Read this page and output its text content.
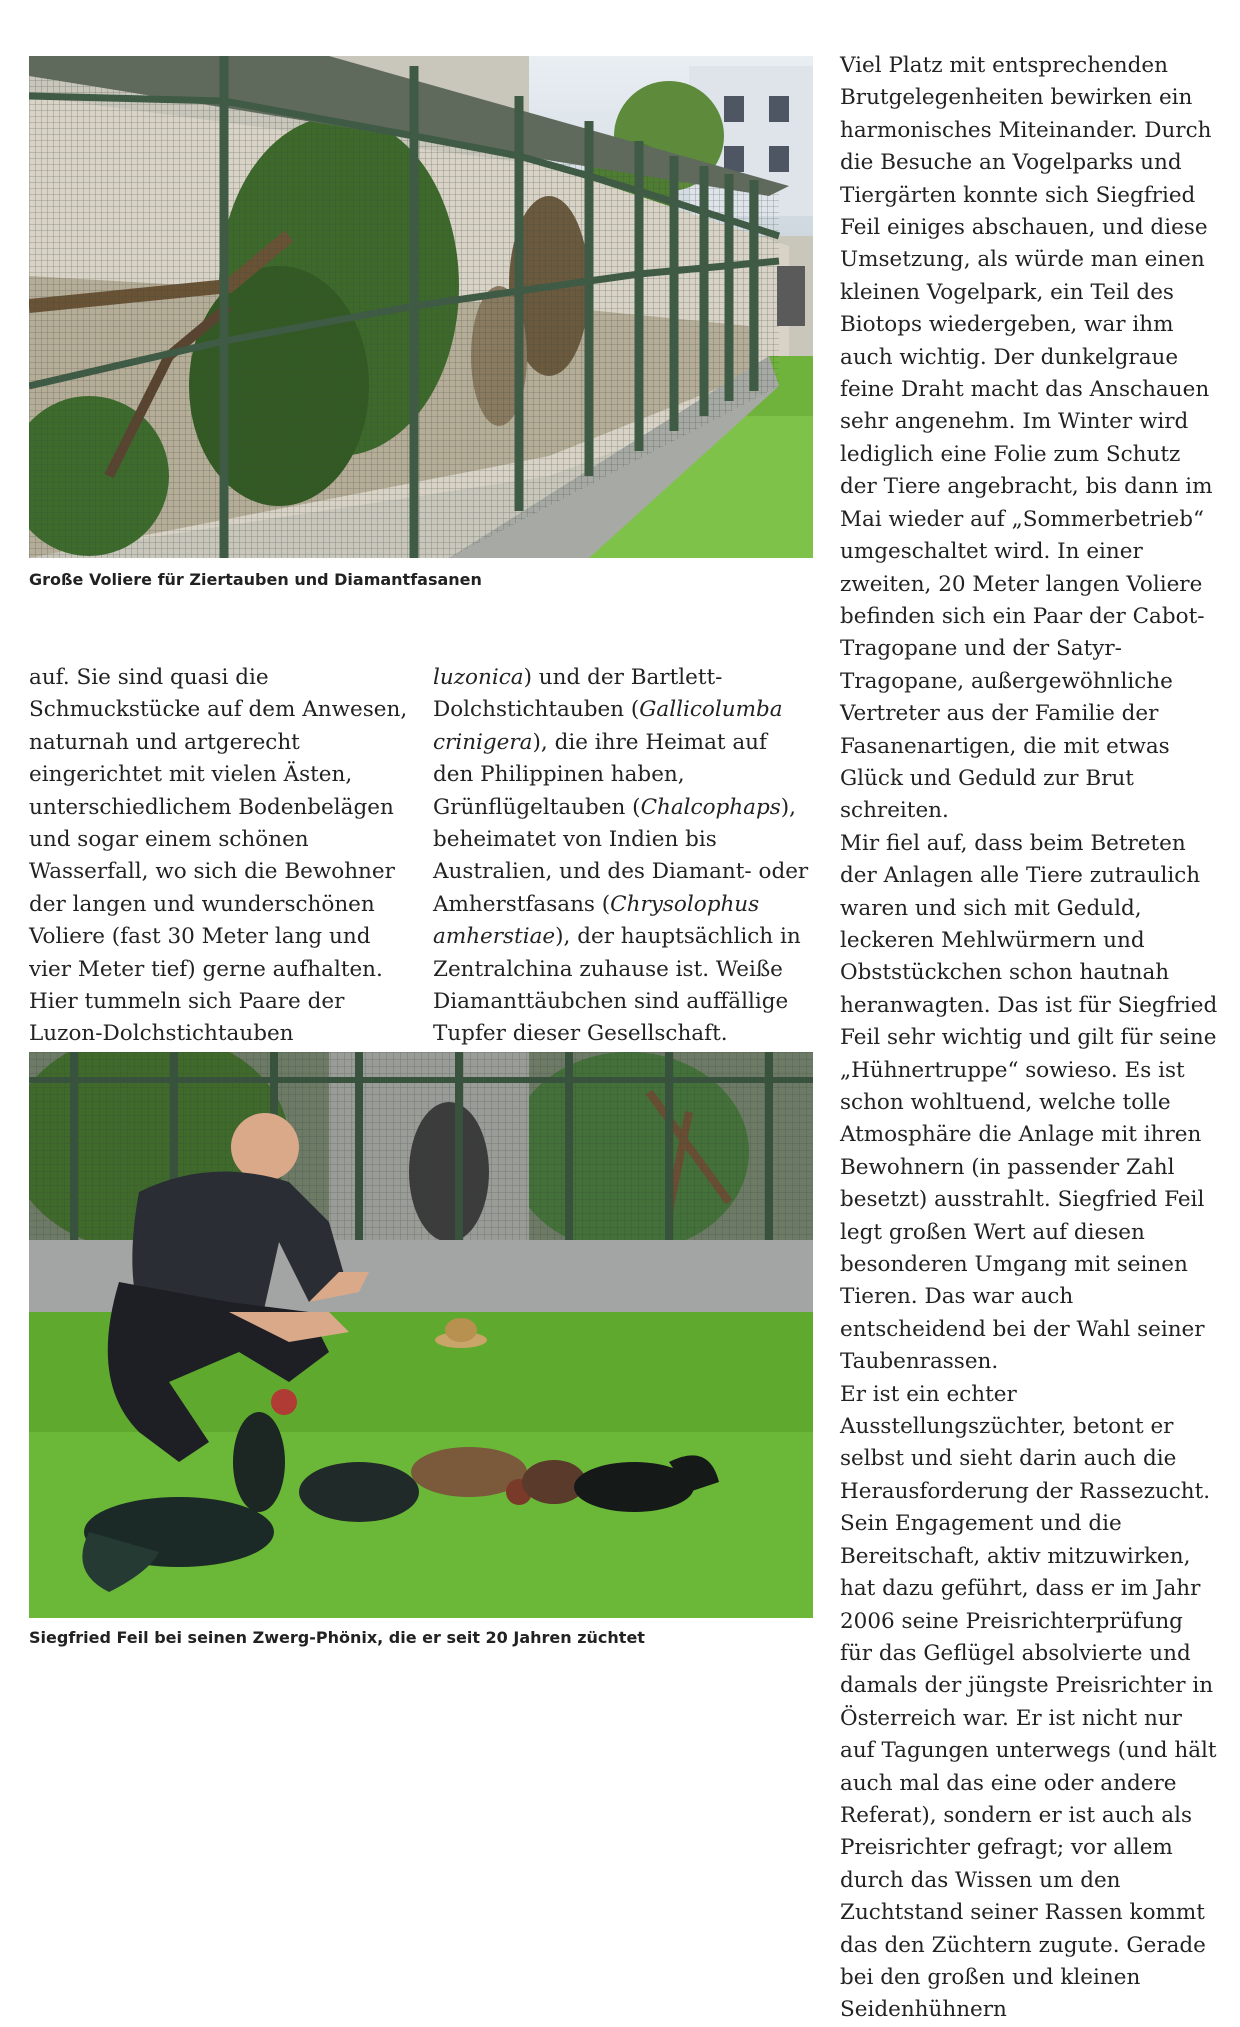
Große Voliere für Ziertauben und Diamantfasanen

auf. Sie sind quasi die Schmuckstücke auf dem Anwesen, naturnah und artgerecht eingerichtet mit vielen Ästen, unterschiedlichem Bodenbelägen und sogar einem schönen Wasserfall, wo sich die Bewohner der langen und wunderschönen Voliere (fast 30 Meter lang und vier Meter tief) gerne aufhalten. Hier tummeln sich Paare der Luzon-Dolchstichtauben

luzonica) und der Bartlett-Dolchstichtauben (Gallicolumba crinigera), die ihre Heimat auf den Philippinen haben, Grünflügeltauben (Chalcophaps), beheimatet von Indien bis Australien, und des Diamant- oder Amherstfasans (Chrysolophus amherstiae), der hauptsächlich in Zentralchina zuhause ist. Weiße Diamanttäubchen sind auffällige Tupfer dieser Gesellschaft.

Siegfried Feil bei seinen Zwerg-Phönix, die er seit 20 Jahren züchtet

Viel Platz mit entsprechenden Brutgelegenheiten bewirken ein harmonisches Miteinander. Durch die Besuche an Vogelparks und Tiergärten konnte sich Siegfried Feil einiges abschauen, und diese Umsetzung, als würde man einen kleinen Vogelpark, ein Teil des Biotops wiedergeben, war ihm auch wichtig. Der dunkelgraue feine Draht macht das Anschauen sehr angenehm. Im Winter wird lediglich eine Folie zum Schutz der Tiere angebracht, bis dann im Mai wieder auf „Sommerbetrieb“ umgeschaltet wird. In einer zweiten, 20 Meter langen Voliere befinden sich ein Paar der Cabot-Tragopane und der Satyr-Tragopane, außergewöhnliche Vertreter aus der Familie der Fasanenartigen, die mit etwas Glück und Geduld zur Brut schreiten.

Mir fiel auf, dass beim Betreten der Anlagen alle Tiere zutraulich waren und sich mit Geduld, leckeren Mehlwürmern und Obststückchen schon hautnah heranwagten. Das ist für Siegfried Feil sehr wichtig und gilt für seine „Hühnertruppe“ sowieso. Es ist schon wohltuend, welche tolle Atmosphäre die Anlage mit ihren Bewohnern (in passender Zahl besetzt) ausstrahlt. Siegfried Feil legt großen Wert auf diesen besonderen Umgang mit seinen Tieren. Das war auch entscheidend bei der Wahl seiner Taubenrassen.

Er ist ein echter Ausstellungszüchter, betont er selbst und sieht darin auch die Herausforderung der Rassezucht. Sein Engagement und die Bereitschaft, aktiv mitzuwirken, hat dazu geführt, dass er im Jahr 2006 seine Preisrichterprüfung für das Geflügel absolvierte und damals der jüngste Preisrichter in Österreich war. Er ist nicht nur auf Tagungen unterwegs (und hält auch mal das eine oder andere Referat), sondern er ist auch als Preisrichter gefragt; vor allem durch das Wissen um den Zuchtstand seiner Rassen kommt das den Züchtern zugute. Gerade bei den großen und kleinen Seidenhühnern
